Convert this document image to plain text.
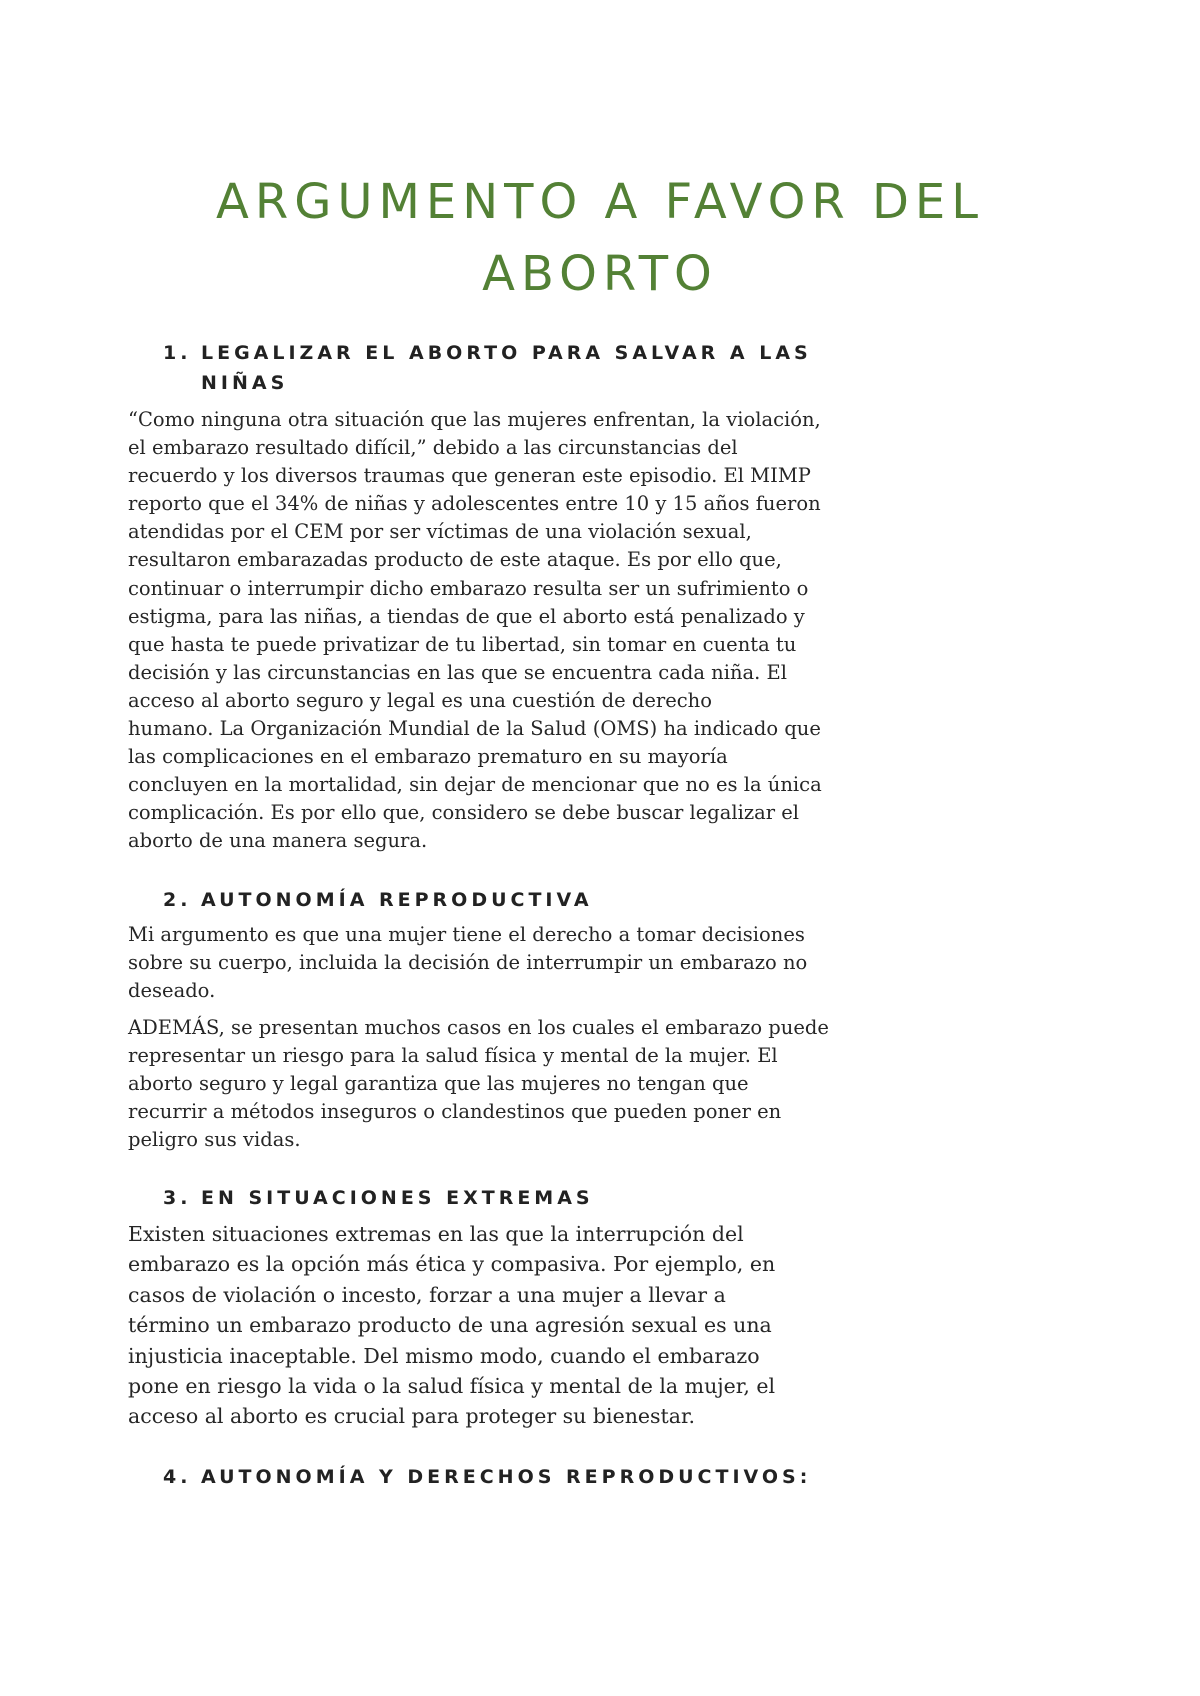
ARGUMENTO A FAVOR DEL
ABORTO
1. LEGALIZAR EL ABORTO PARA SALVAR A LAS
NIÑAS

“Como ninguna otra situación que las mujeres enfrentan, la violación,
el embarazo resultado difícil,” debido a las circunstancias del
recuerdo y los diversos traumas que generan este episodio. El MIMP
reporto que el 34% de niñas y adolescentes entre 10 y 15 años fueron
atendidas por el CEM por ser víctimas de una violación sexual,
resultaron embarazadas producto de este ataque. Es por ello que,
continuar o interrumpir dicho embarazo resulta ser un sufrimiento o
estigma, para las niñas, a tiendas de que el aborto está penalizado y
que hasta te puede privatizar de tu libertad, sin tomar en cuenta tu
decisión y las circunstancias en las que se encuentra cada niña. El
acceso al aborto seguro y legal es una cuestión de derecho
humano. La Organización Mundial de la Salud (OMS) ha indicado que
las complicaciones en el embarazo prematuro en su mayoría
concluyen en la mortalidad, sin dejar de mencionar que no es la única
complicación. Es por ello que, considero se debe buscar legalizar el
aborto de una manera segura.

2. AUTONOMÍA REPRODUCTIVA

Mi argumento es que una mujer tiene el derecho a tomar decisiones
sobre su cuerpo, incluida la decisión de interrumpir un embarazo no
deseado.

ADEMÁS, se presentan muchos casos en los cuales el embarazo puede
representar un riesgo para la salud física y mental de la mujer. El
aborto seguro y legal garantiza que las mujeres no tengan que
recurrir a métodos inseguros o clandestinos que pueden poner en
peligro sus vidas.

3. EN SITUACIONES EXTREMAS

Existen situaciones extremas en las que la interrupción del
embarazo es la opción más ética y compasiva. Por ejemplo, en
casos de violación o incesto, forzar a una mujer a llevar a
término un embarazo producto de una agresión sexual es una
injusticia inaceptable. Del mismo modo, cuando el embarazo
pone en riesgo la vida o la salud física y mental de la mujer, el
acceso al aborto es crucial para proteger su bienestar.

4. AUTONOMÍA Y DERECHOS REPRODUCTIVOS:
